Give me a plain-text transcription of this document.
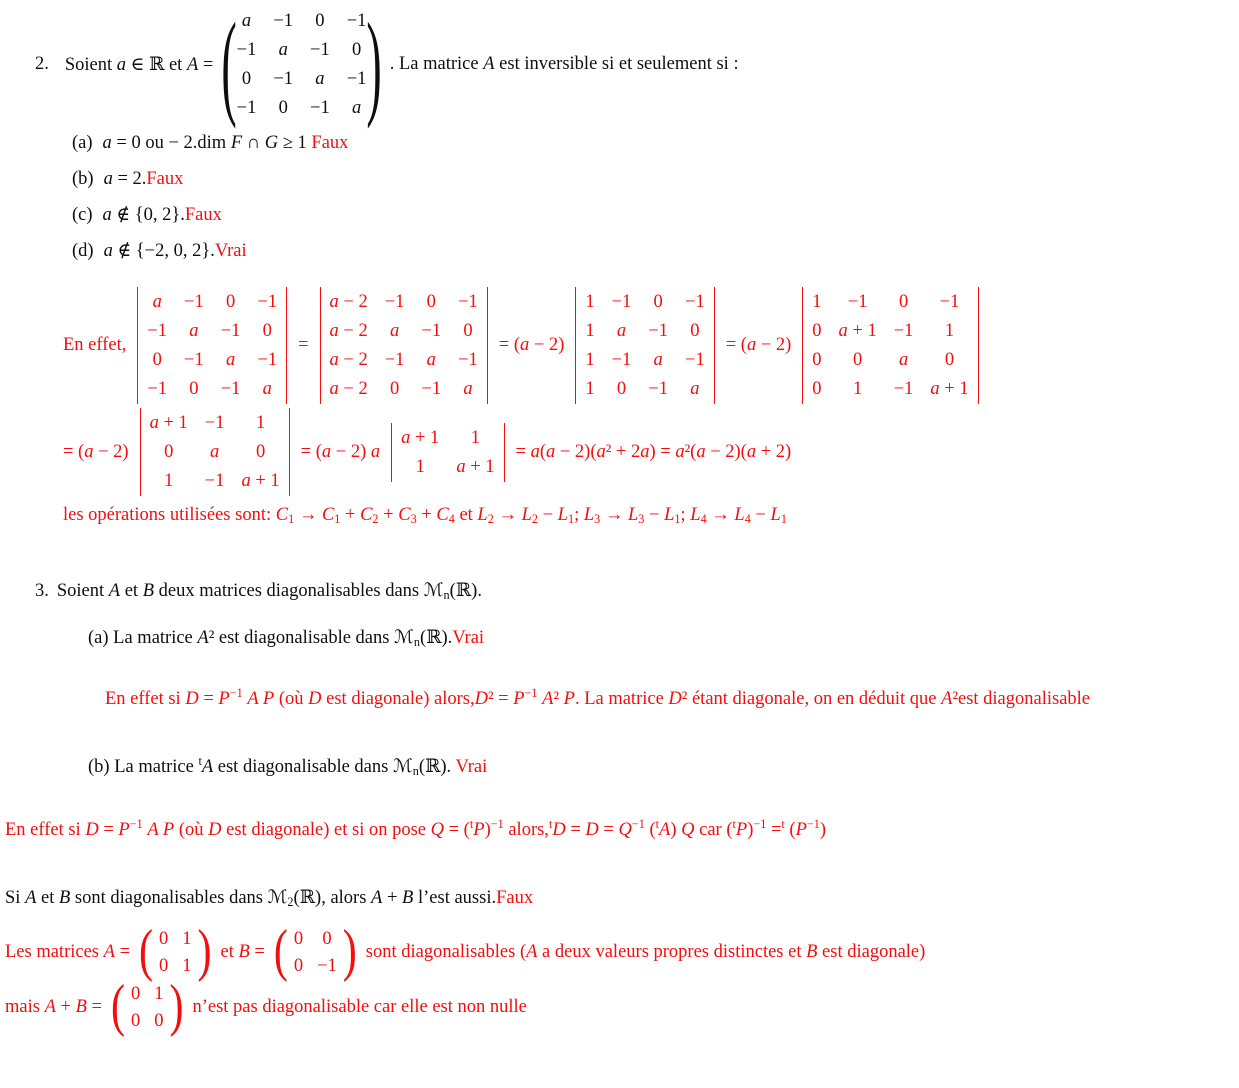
2. Soient a ∈ ℝ et A = ( a −1 0 −1
−1 a −1 0
0 −1 a −1
−1 0 −1 a ) . La matrice A est inversible si et seulement si :
(a) a = 0 ou − 2.dim F ∩ G ≥ 1 Faux
(b) a = 2.Faux
(c) a ∉ {0, 2}.Faux
(d) a ∉ {−2, 0, 2}.Vrai
En effet,
a −1 0 −1
−1 a −1 0
0 −1 a −1
−1 0 −1 a
=
a − 2 −1 0 −1
a − 2 a −1 0
a − 2 −1 a −1
a − 2 0 −1 a
= (a − 2)
1 −1 0 −1
1 a −1 0
1 −1 a −1
1 0 −1 a
= (a − 2)
1 −1 0 −1
0 a + 1 −1 1
0 0 a 0
0 1 −1 a + 1
= (a − 2)
a + 1 −1 1
0 a 0
1 −1 a + 1
= (a − 2) a
a + 1 1
1 a + 1
= a(a − 2)(a² + 2a) = a²(a − 2)(a + 2)
les opérations utilisées sont: $C_1 \to C_1 + C_2 + C_3 + C_4$ et $L_2 \to L_2 - L_1$; $L_3 \to L_3 - L_1$; $L_4 \to L_4 - L_1$
3. Soient A et B deux matrices diagonalisables dans ℳ$_n$(ℝ).
(a) La matrice A² est diagonalisable dans ℳ$_n$(ℝ).Vrai
En effet si $D = P^{-1}$ A P (où D est diagonale) alors,D² = $P^{-1}$ A² P. La matrice D² étant diagonale, on en déduit que A²est diagonalisable
(b) La matrice $^t$A est diagonalisable dans ℳ$_n$(ℝ). Vrai
En effet si $D = P^{-1}$ A P (où D est diagonale) et si on pose $Q = (^tP)^{-1}$ alors,$^t$D = $D = Q^{-1}$ ($^t$A) Q car $(^tP)^{-1} =^t$ $(P^{-1})$
Si A et B sont diagonalisables dans ℳ$_2$(ℝ), alors A + B l’est aussi.Faux
Les matrices A = ( 0 1
0 1 ) et B = ( 0 0
0 −1 ) sont diagonalisables (A a deux valeurs propres distinctes et B est diagonale)
mais A + B = ( 0 1
0 0 ) n’est pas diagonalisable car elle est non nulle
